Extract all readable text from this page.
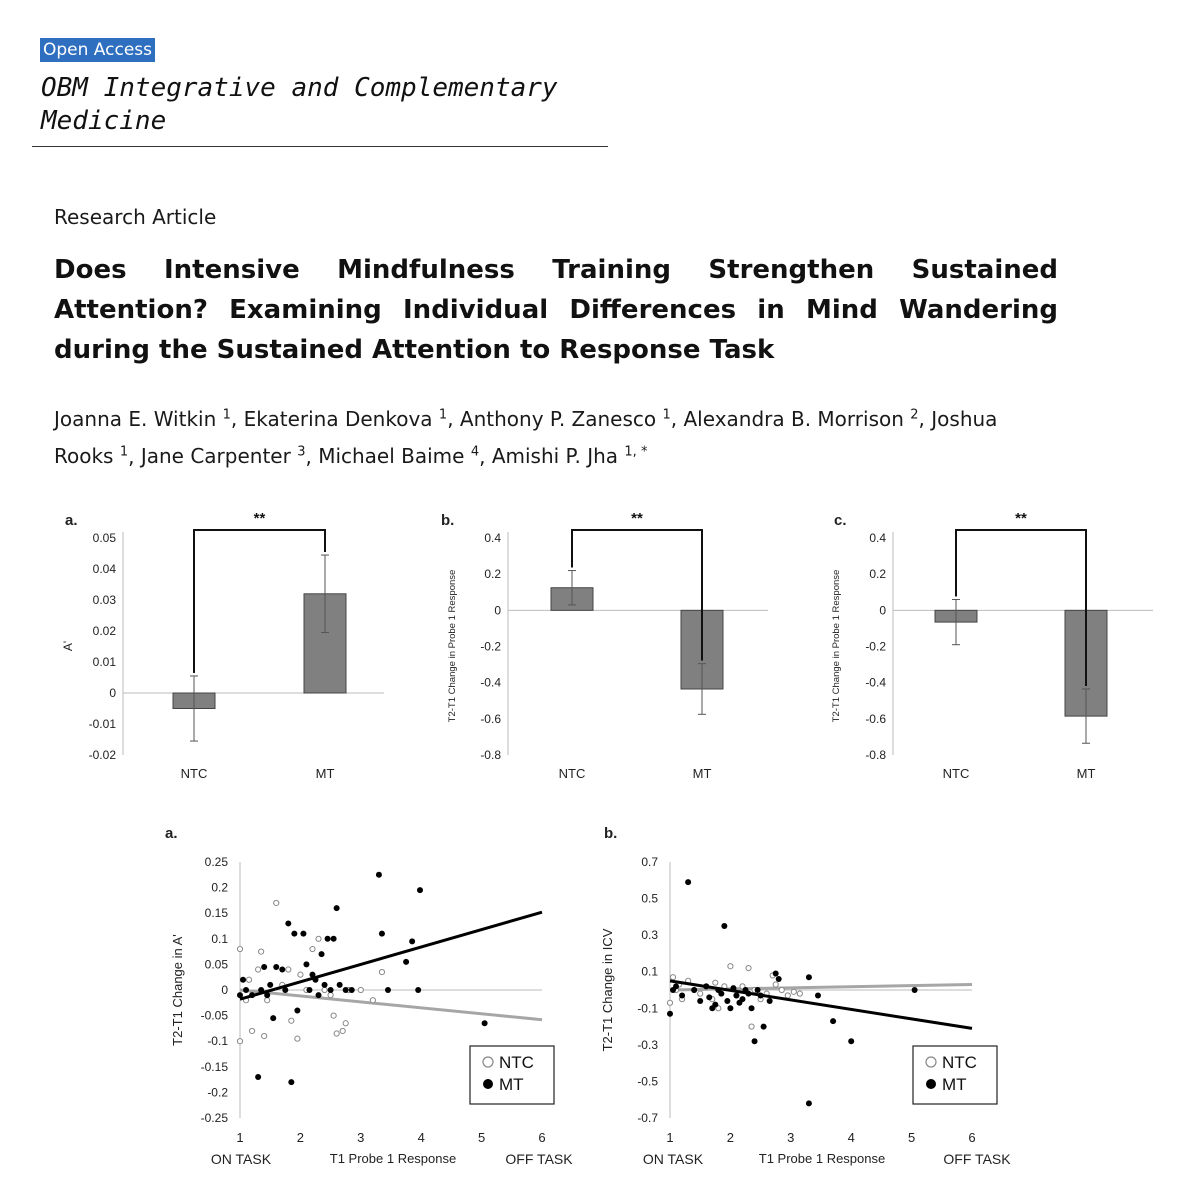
Open Access
OBM Integrative and Complementary
Medicine
Research Article
Does Intensive Mindfulness Training Strengthen Sustained Attention? Examining Individual Differences in Mind Wandering during the Sustained Attention to Response Task
Joanna E. Witkin $^1$, Ekaterina Denkova $^1$, Anthony P. Zanesco $^1$, Alexandra B. Morrison $^2$, Joshua Rooks $^1$, Jane Carpenter $^3$, Michael Baime $^4$, Amishi P. Jha $^{1, *}$
a.
0.05
0.04
0.03
0.02
0.01
0
-0.01
-0.02
A'
NTC	MT
**	b.
0.4
0.2
0
-0.2
-0.4
-0.6
-0.8
T2-T1 Change in Probe 1 Response
NTC	MT
**	c.
0.4
0.2
0
-0.2
-0.4
-0.6
-0.8
T2-T1 Change in Probe 1 Response
NTC	MT
**
a.
0.25
0.2
0.15
0.1
0.05
0
-0.05
-0.1
-0.15
-0.2
-0.25
1	2	3	4	5	6
ON TASK	T1 Probe 1 Response	OFF TASK
T2-T1 Change in A'
NTC
MT
b.
0.7
0.5
0.3
0.1
-0.1
-0.3
-0.5
-0.7
1	2	3	4	5	6
ON TASK	T1 Probe 1 Response	OFF TASK
T2-T1 Change in ICV
NTC
MT
